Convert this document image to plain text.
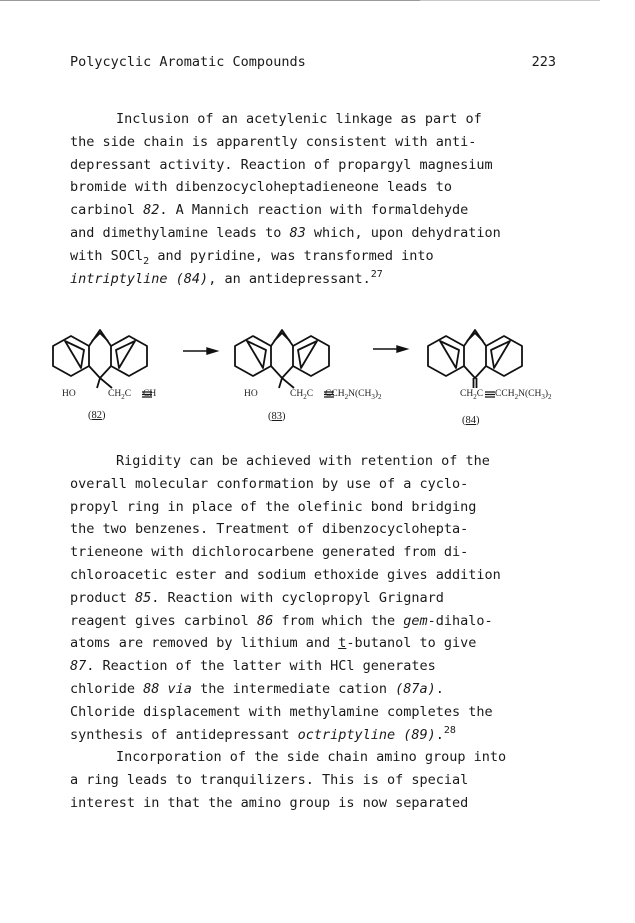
Polycyclic Aromatic Compounds	223
Inclusion of an acetylenic linkage as part of
the side chain is apparently consistent with anti-
depressant activity. Reaction of propargyl magnesium
bromide with dibenzocycloheptadieneone leads to
carbinol 82. A Mannich reaction with formaldehyde
and dimethylamine leads to 83 which, upon dehydration
with SOCl$_2$ and pyridine, was transformed into
intriptyline (84), an antidepressant.$^{27}$
HO	$CH_2C$ CH
(82)
HO	$CH_2C$ $CCH_2N(CH_3)_2$
(83)
$CH_2C$ $CCH_2N(CH_3)_2$
(84)
Rigidity can be achieved with retention of the
overall molecular conformation by use of a cyclo-
propyl ring in place of the olefinic bond bridging
the two benzenes. Treatment of dibenzocyclohepta-
trieneone with dichlorocarbene generated from di-
chloroacetic ester and sodium ethoxide gives addition
product 85. Reaction with cyclopropyl Grignard
reagent gives carbinol 86 from which the gem-dihalo-
atoms are removed by lithium and t-butanol to give
87. Reaction of the latter with HCl generates
chloride 88 via the intermediate cation (87a).
Chloride displacement with methylamine completes the
synthesis of antidepressant octriptyline (89).$^{28}$
Incorporation of the side chain amino group into
a ring leads to tranquilizers. This is of special
interest in that the amino group is now separated
